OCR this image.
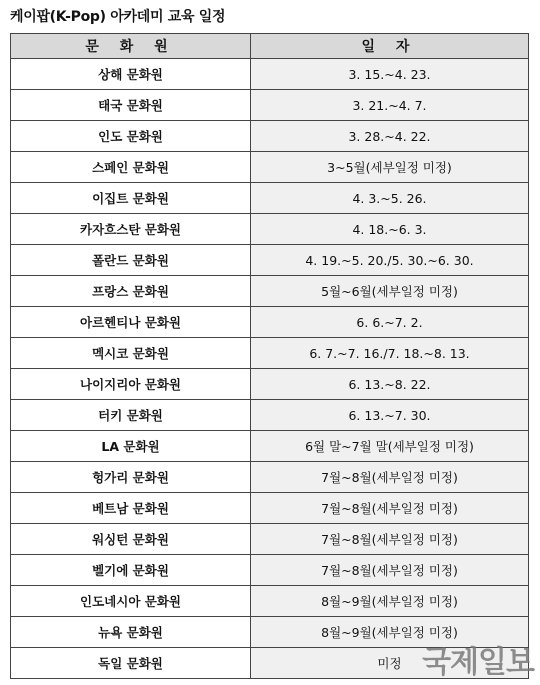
케이팝(K-Pop) 아카데미 교육 일정
문 화 원	일 자
상해 문화원	3. 15.~4. 23.
태국 문화원	3. 21.~4. 7.
인도 문화원	3. 28.~4. 22.
스페인 문화원	3~5월(세부일정 미정)
이집트 문화원	4. 3.~5. 26.
카자흐스탄 문화원	4. 18.~6. 3.
폴란드 문화원	4. 19.~5. 20./5. 30.~6. 30.
프랑스 문화원	5월~6월(세부일정 미정)
아르헨티나 문화원	6. 6.~7. 2.
멕시코 문화원	6. 7.~7. 16./7. 18.~8. 13.
나이지리아 문화원	6. 13.~8. 22.
터키 문화원	6. 13.~7. 30.
LA 문화원	6월 말~7월 말(세부일정 미정)
헝가리 문화원	7월~8월(세부일정 미정)
베트남 문화원	7월~8월(세부일정 미정)
워싱턴 문화원	7월~8월(세부일정 미정)
벨기에 문화원	7월~8월(세부일정 미정)
인도네시아 문화원	8월~9월(세부일정 미정)
뉴욕 문화원	8월~9월(세부일정 미정)
독일 문화원	미정 국제일보
